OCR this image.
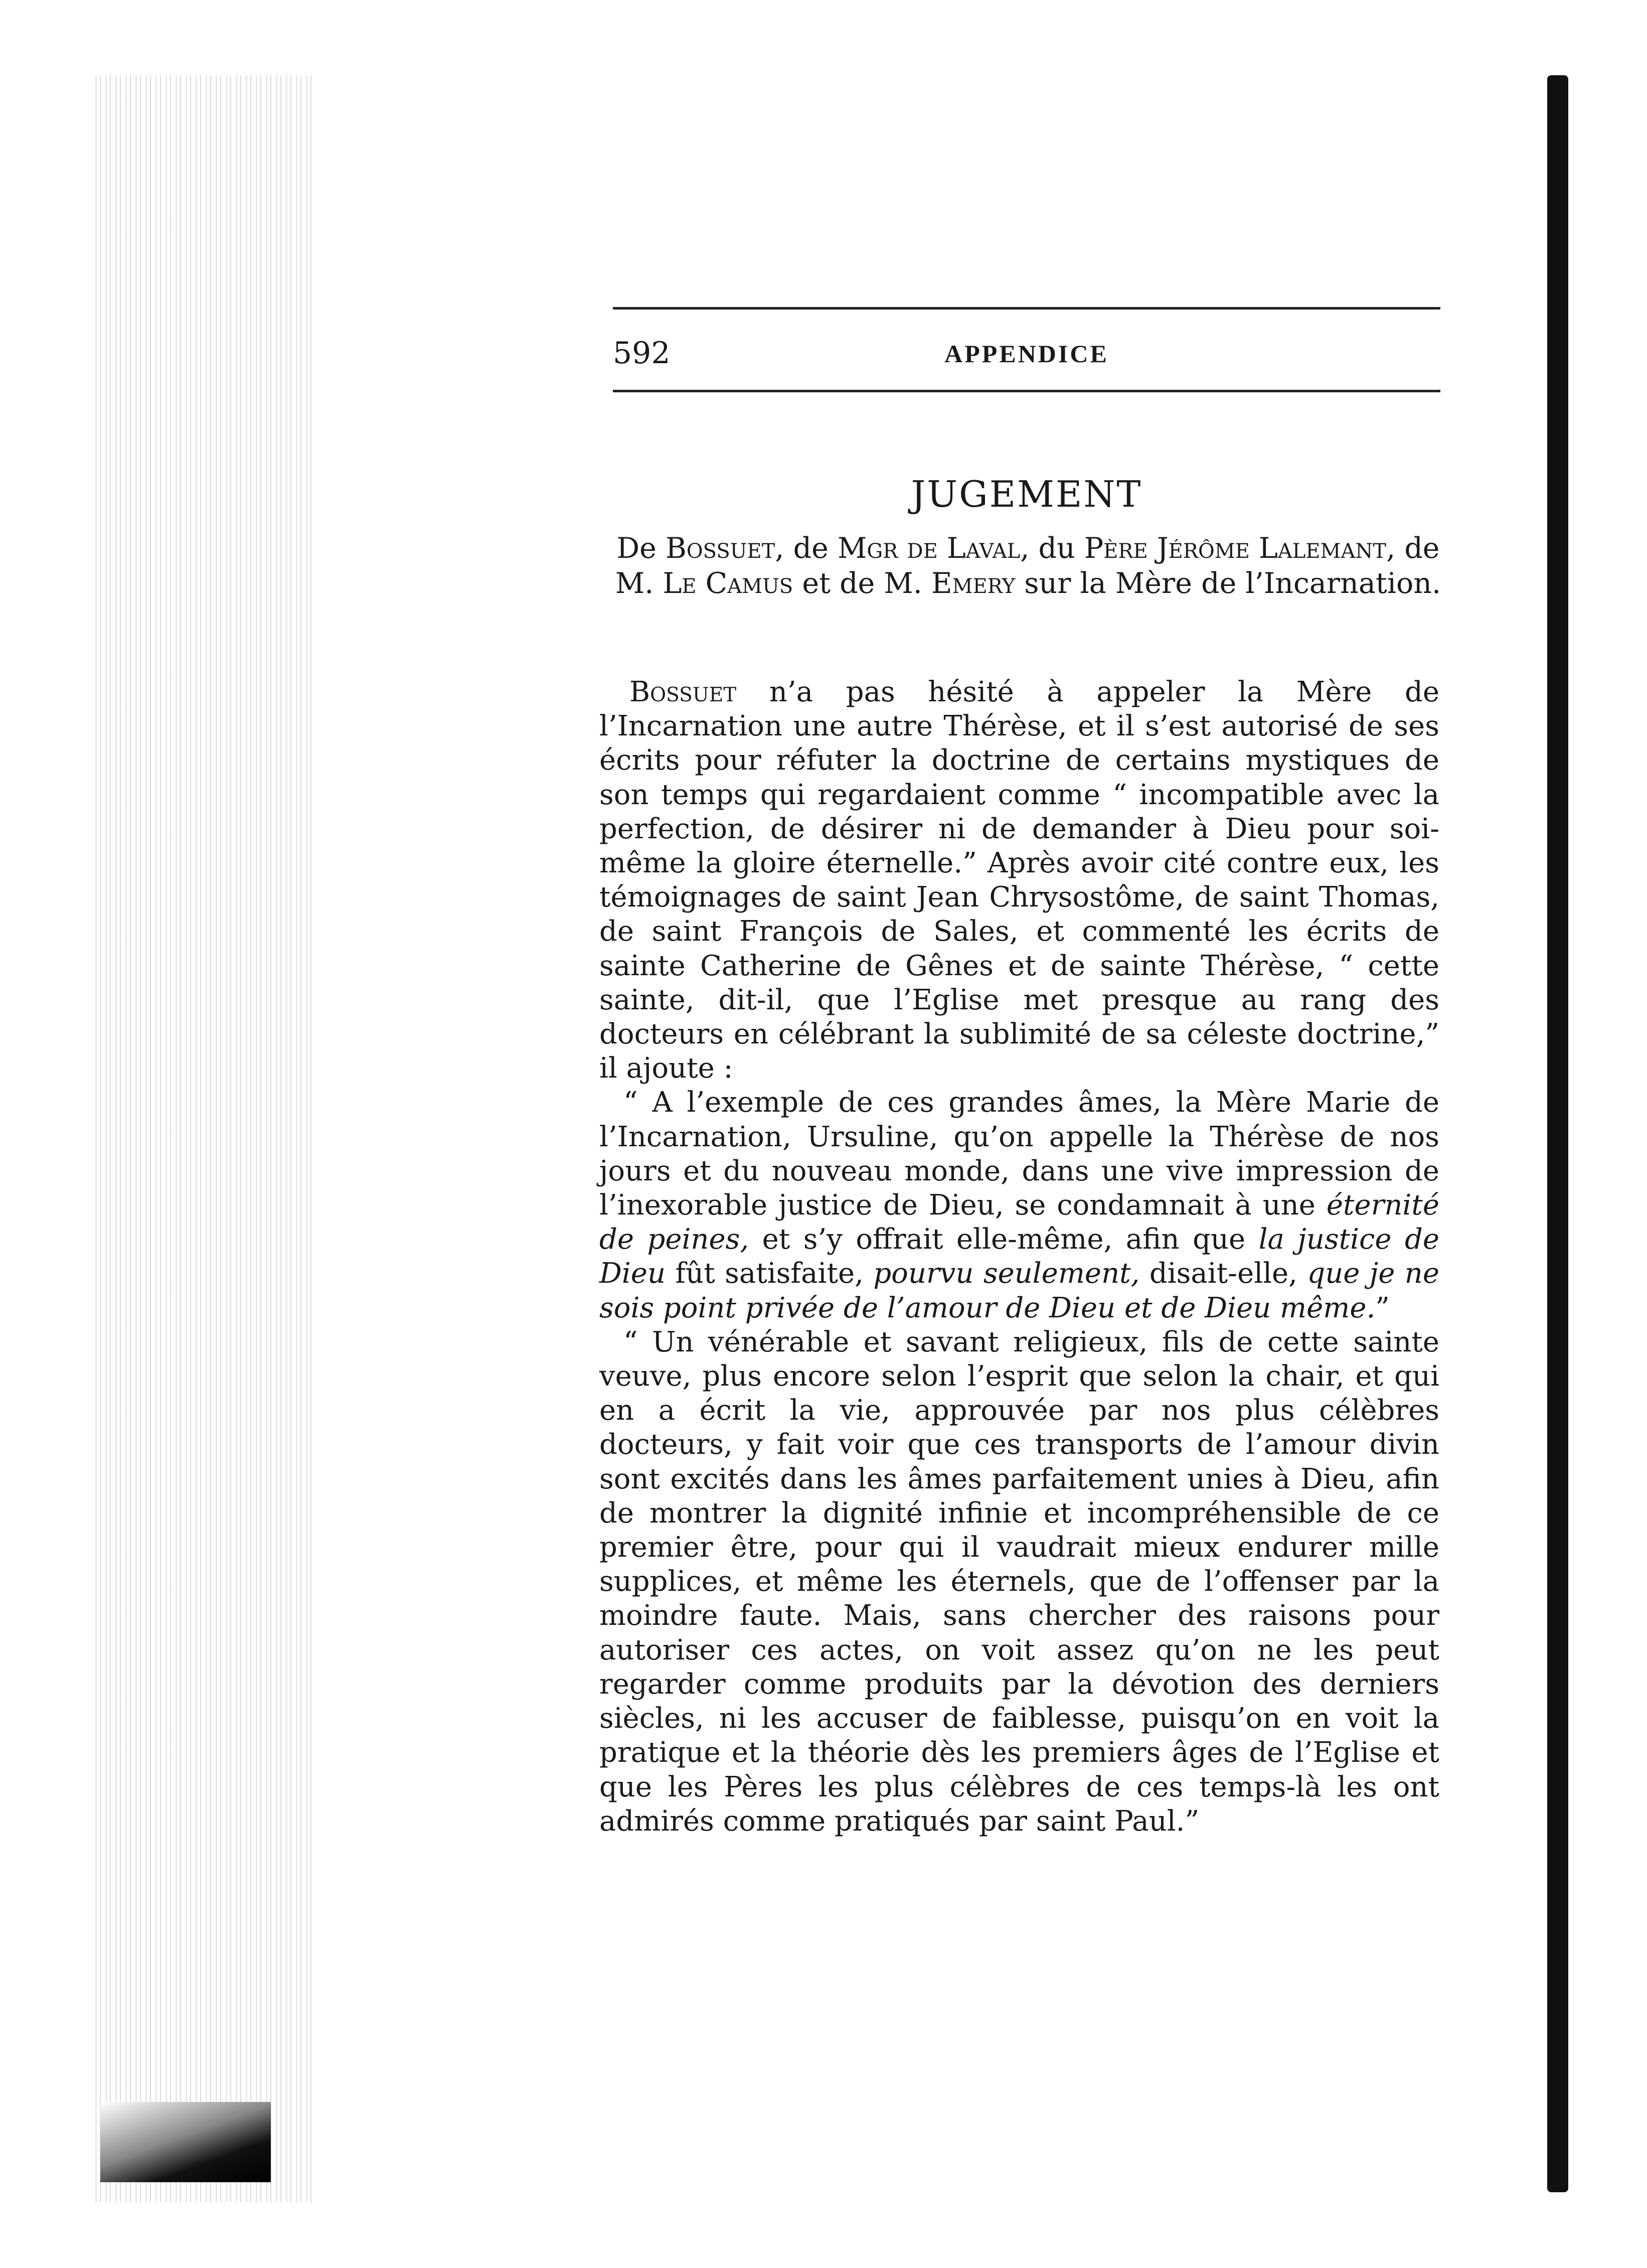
592	APPENDICE
JUGEMENT
De Bossuet, de Mgr de Laval, du Père Jérôme Lalemant, de M. Le Camus et de M. Emery sur la Mère de l’Incarnation.

Bossuet n’a pas hésité à appeler la Mère de l’Incarnation une autre Thérèse, et il s’est autorisé de ses écrits pour réfuter la doctrine de certains mystiques de son temps qui regardaient comme “ incompatible avec la perfection, de désirer ni de demander à Dieu pour soi-même la gloire éternelle.” Après avoir cité contre eux, les témoignages de saint Jean Chrysostôme, de saint Thomas, de saint François de Sales, et commenté les écrits de sainte Catherine de Gênes et de sainte Thérèse, “ cette sainte, dit-il, que l’Eglise met presque au rang des docteurs en célébrant la sublimité de sa céleste doctrine,” il ajoute :

“ A l’exemple de ces grandes âmes, la Mère Marie de l’Incarnation, Ursuline, qu’on appelle la Thérèse de nos jours et du nouveau monde, dans une vive impression de l’inexorable justice de Dieu, se condamnait à une éternité de peines, et s’y offrait elle-même, afin que la justice de Dieu fût satisfaite, pourvu seulement, disait-elle, que je ne sois point privée de l’amour de Dieu et de Dieu même.”

“ Un vénérable et savant religieux, fils de cette sainte veuve, plus encore selon l’esprit que selon la chair, et qui en a écrit la vie, approuvée par nos plus célèbres docteurs, y fait voir que ces transports de l’amour divin sont excités dans les âmes parfaitement unies à Dieu, afin de montrer la dignité infinie et incompréhensible de ce premier être, pour qui il vaudrait mieux endurer mille supplices, et même les éternels, que de l’offenser par la moindre faute. Mais, sans chercher des raisons pour autoriser ces actes, on voit assez qu’on ne les peut regarder comme produits par la dévotion des derniers siècles, ni les accuser de faiblesse, puisqu’on en voit la pratique et la théorie dès les premiers âges de l’Eglise et que les Pères les plus célèbres de ces temps-là les ont admirés comme pratiqués par saint Paul.”
